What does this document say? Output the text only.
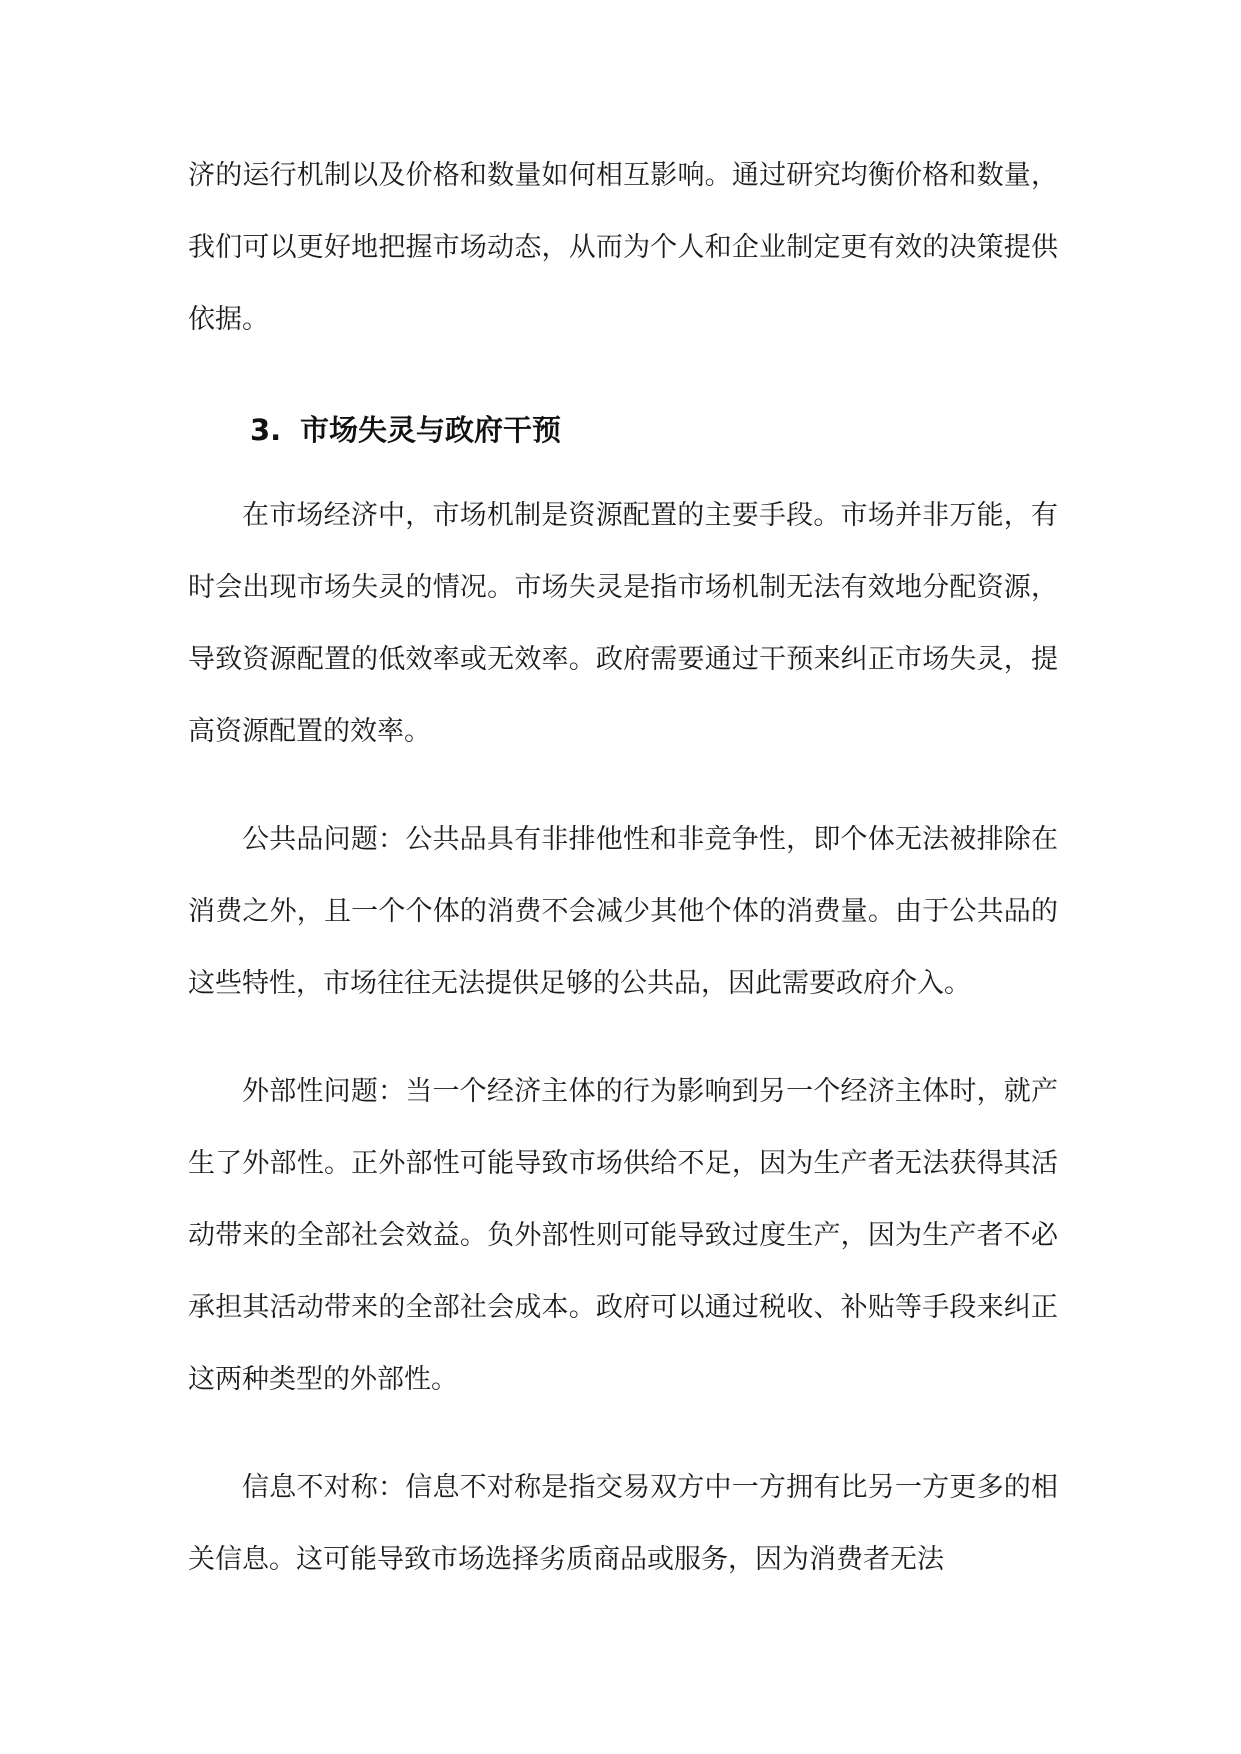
济的运行机制以及价格和数量如何相互影响。通过研究均衡价格和数量，我们可以更好地把握市场动态，从而为个人和企业制定更有效的决策提供依据。

3. 市场失灵与政府干预

在市场经济中，市场机制是资源配置的主要手段。市场并非万能，有时会出现市场失灵的情况。市场失灵是指市场机制无法有效地分配资源，导致资源配置的低效率或无效率。政府需要通过干预来纠正市场失灵，提高资源配置的效率。

公共品问题：公共品具有非排他性和非竞争性，即个体无法被排除在消费之外，且一个个体的消费不会减少其他个体的消费量。由于公共品的这些特性，市场往往无法提供足够的公共品，因此需要政府介入。

外部性问题：当一个经济主体的行为影响到另一个经济主体时，就产生了外部性。正外部性可能导致市场供给不足，因为生产者无法获得其活动带来的全部社会效益。负外部性则可能导致过度生产，因为生产者不必承担其活动带来的全部社会成本。政府可以通过税收、补贴等手段来纠正这两种类型的外部性。

信息不对称：信息不对称是指交易双方中一方拥有比另一方更多的相关信息。这可能导致市场选择劣质商品或服务，因为消费者无法
